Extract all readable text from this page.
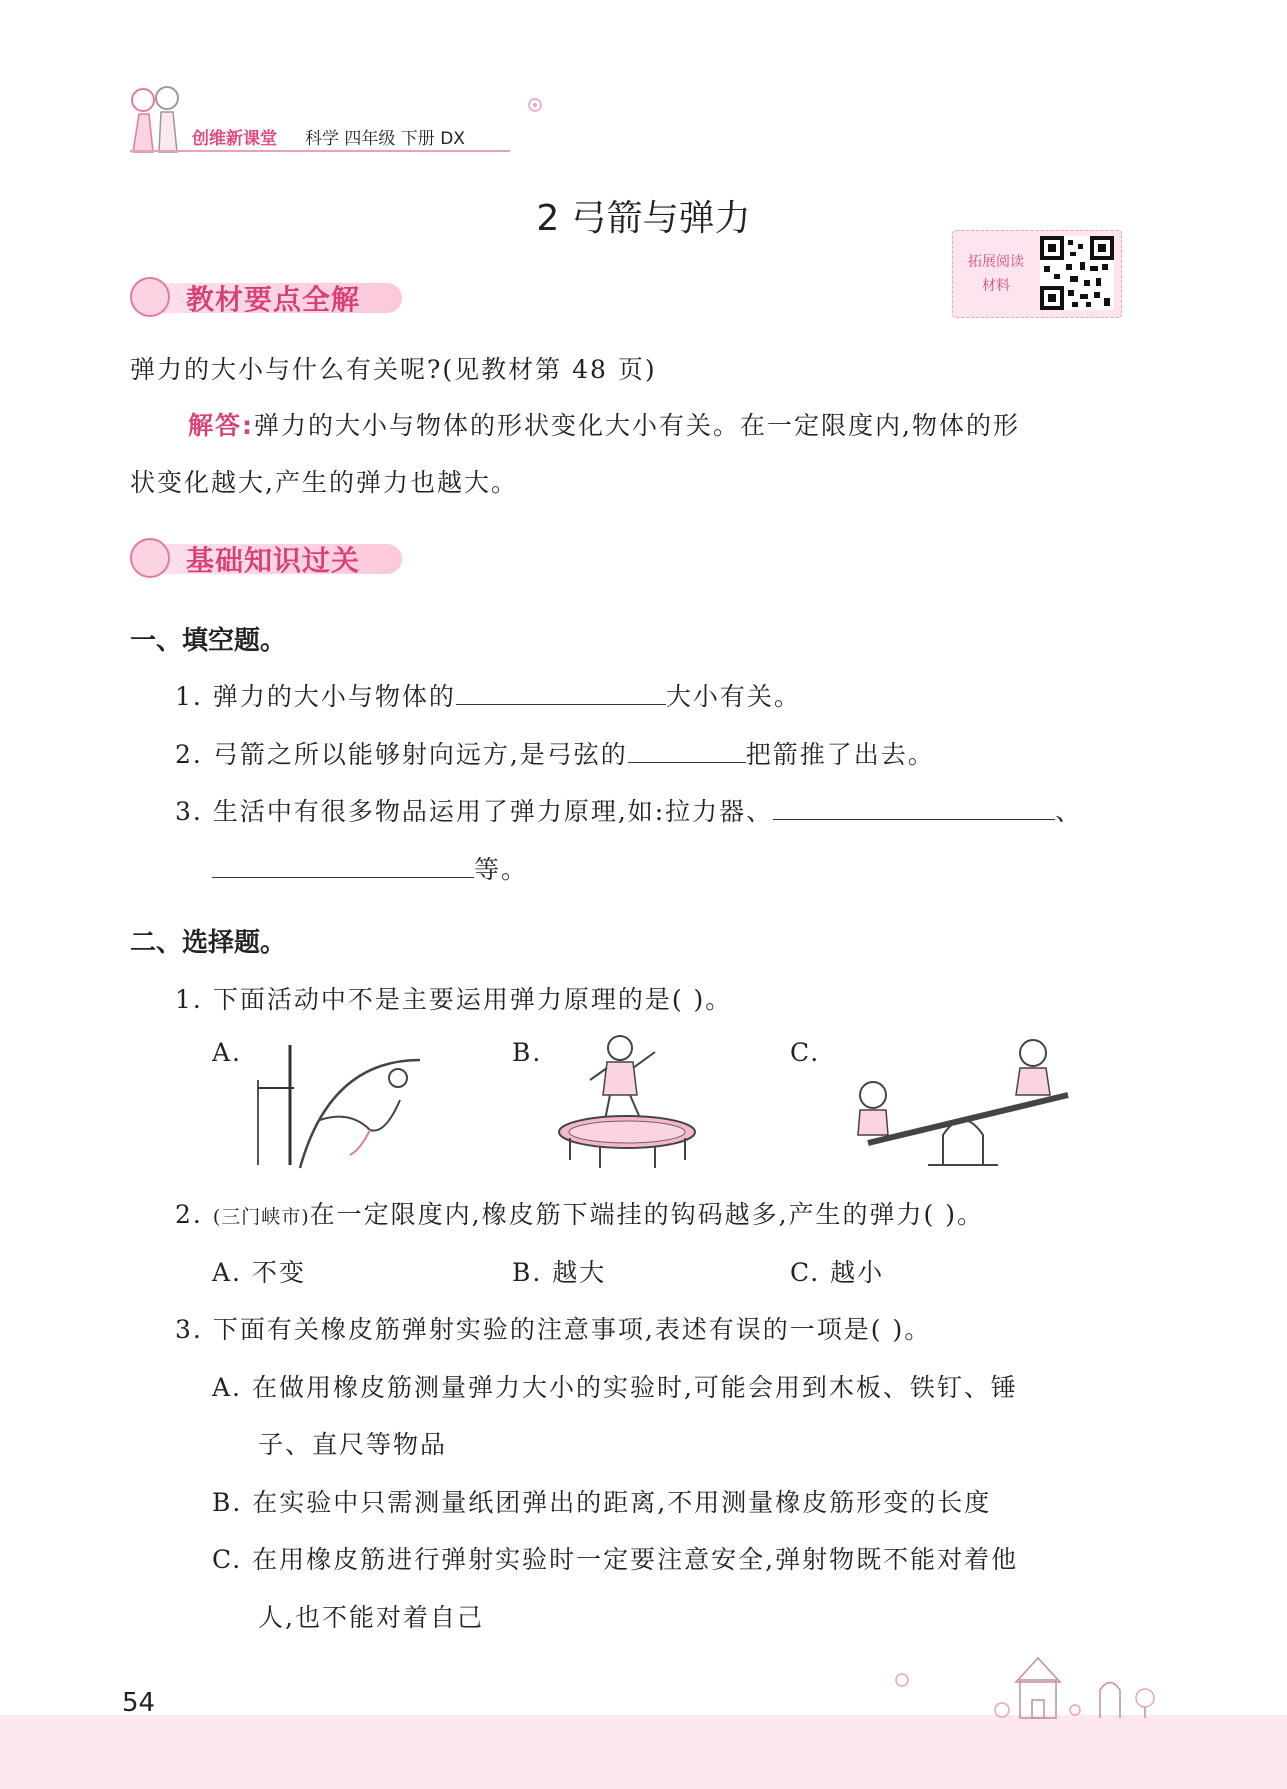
创维新课堂 科学 四年级 下册 DX
2 弓箭与弹力
拓展阅读
材料
教材要点全解
弹力的大小与什么有关呢?(见教材第 48 页)
解答:弹力的大小与物体的形状变化大小有关。在一定限度内,物体的形
状变化越大,产生的弹力也越大。
基础知识过关
一、填空题。
1. 弹力的大小与物体的	大小有关。
2. 弓箭之所以能够射向远方,是弓弦的	把箭推了出去。
3. 生活中有很多物品运用了弹力原理,如:拉力器、	、
等。
二、选择题。
1. 下面活动中不是主要运用弹力原理的是( )。
A.	B.	C.
2. (三门峡市)在一定限度内,橡皮筋下端挂的钩码越多,产生的弹力( )。
A. 不变	B. 越大	C. 越小
3. 下面有关橡皮筋弹射实验的注意事项,表述有误的一项是( )。
A. 在做用橡皮筋测量弹力大小的实验时,可能会用到木板、铁钉、锤
子、直尺等物品
B. 在实验中只需测量纸团弹出的距离,不用测量橡皮筋形变的长度
C. 在用橡皮筋进行弹射实验时一定要注意安全,弹射物既不能对着他
人,也不能对着自己
54
